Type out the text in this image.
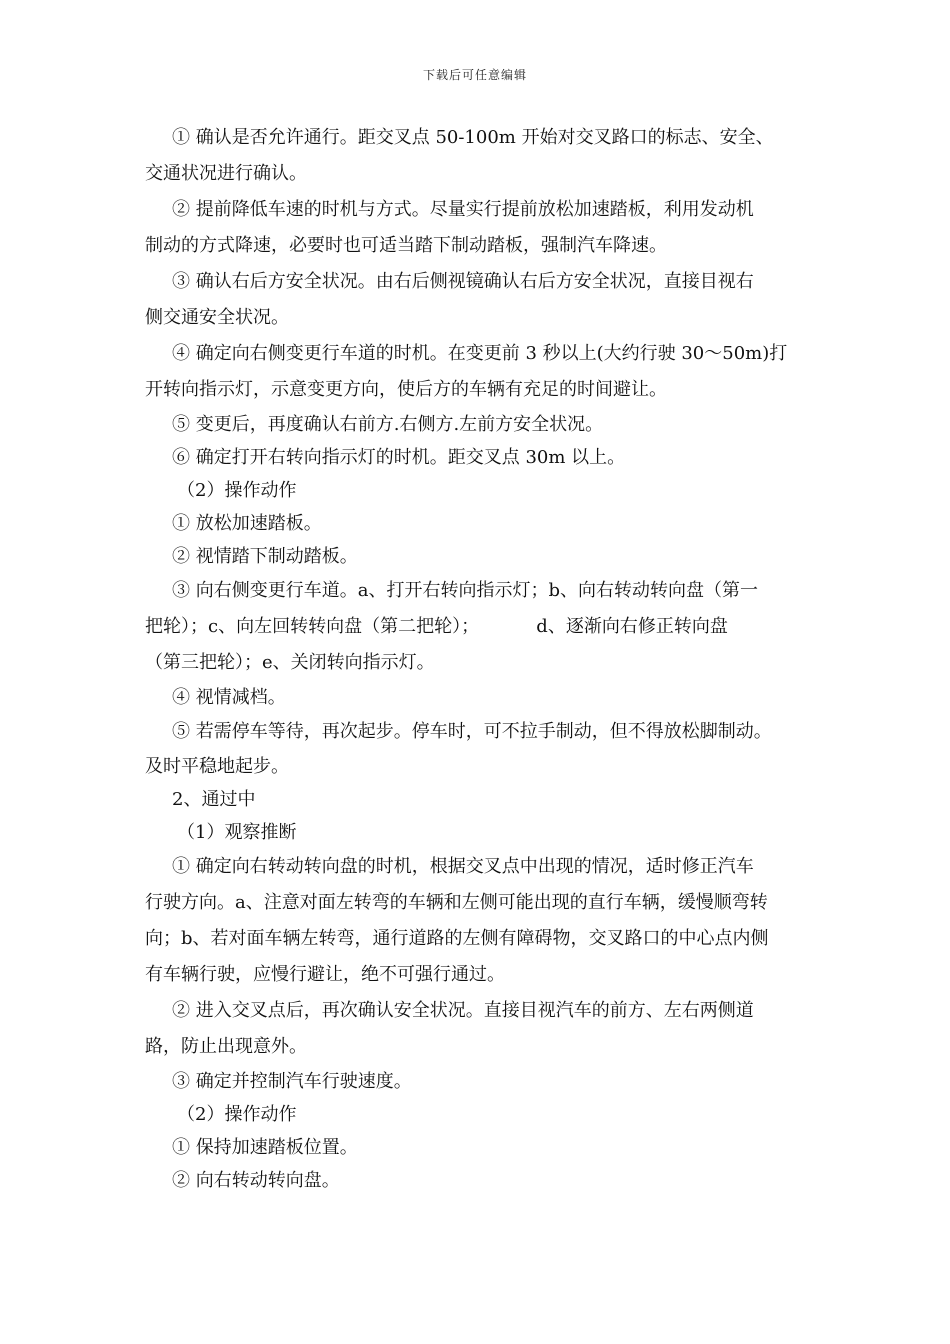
下载后可任意编辑
① 确认是否允许通行。距交叉点 50-100m 开始对交叉路口的标志、安全、
交通状况进行确认。
② 提前降低车速的时机与方式。尽量实行提前放松加速踏板，利用发动机
制动的方式降速，必要时也可适当踏下制动踏板，强制汽车降速。
③ 确认右后方安全状况。由右后侧视镜确认右后方安全状况，直接目视右
侧交通安全状况。
④ 确定向右侧变更行车道的时机。在变更前 3 秒以上(大约行驶 30～50m)打
开转向指示灯，示意变更方向，使后方的车辆有充足的时间避让。
⑤ 变更后，再度确认右前方.右侧方.左前方安全状况。
⑥ 确定打开右转向指示灯的时机。距交叉点 30m 以上。
（2）操作动作
① 放松加速踏板。
② 视情踏下制动踏板。
③ 向右侧变更行车道。a、打开右转向指示灯；b、向右转动转向盘（第一
把轮）；c、向左回转转向盘（第二把轮）；          d、逐渐向右修正转向盘
（第三把轮）；e、关闭转向指示灯。
④ 视情减档。
⑤ 若需停车等待，再次起步。停车时，可不拉手制动，但不得放松脚制动。
及时平稳地起步。
2、通过中
（1）观察推断
① 确定向右转动转向盘的时机，根据交叉点中出现的情况，适时修正汽车
行驶方向。a、注意对面左转弯的车辆和左侧可能出现的直行车辆，缓慢顺弯转
向；b、若对面车辆左转弯，通行道路的左侧有障碍物，交叉路口的中心点内侧
有车辆行驶，应慢行避让，绝不可强行通过。
② 进入交叉点后，再次确认安全状况。直接目视汽车的前方、左右两侧道
路，防止出现意外。
③ 确定并控制汽车行驶速度。
（2）操作动作
① 保持加速踏板位置。
② 向右转动转向盘。
